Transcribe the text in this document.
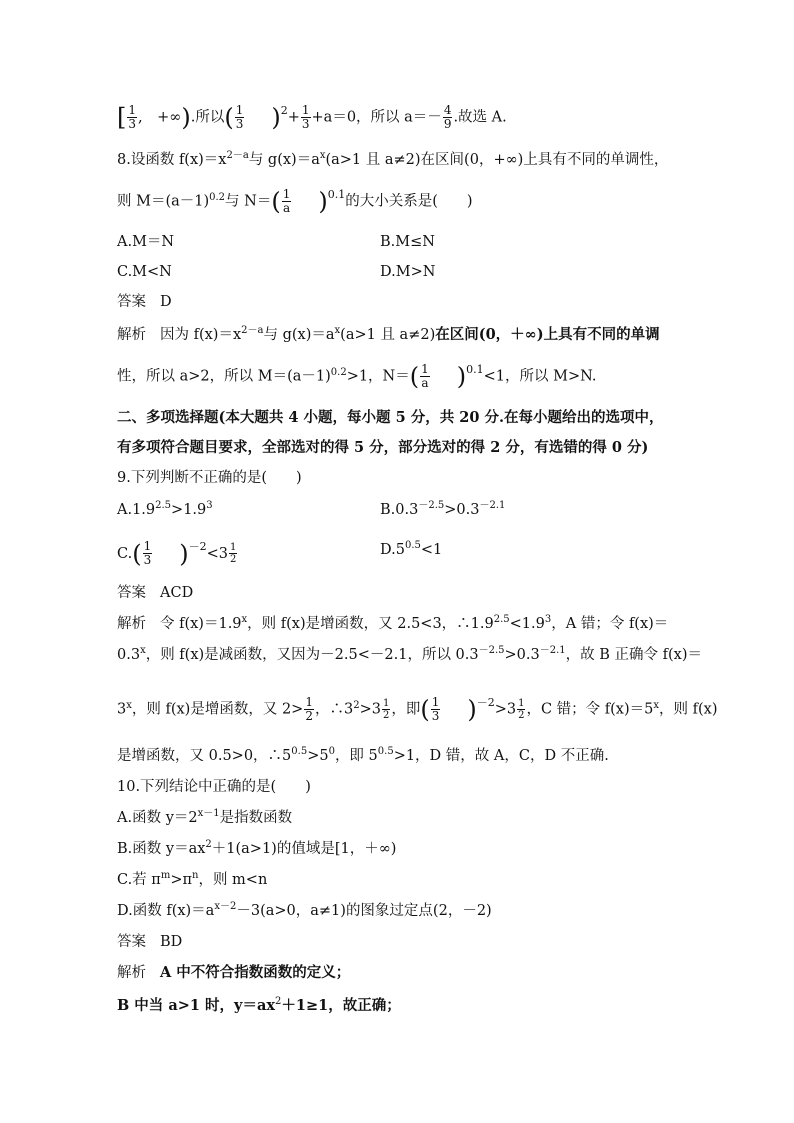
[ $\frac{1}{3}$ ,　+∞).所以( $\frac{1}{3} )^2+ \frac{1}{3} +a=0$，所以 $a=- \frac{4}{9}$ .故选 A.
8.设函数 $f(x)=x^{2-a}$与 $g(x)=a^x(a>1$ 且 a≠2)在区间(0，+∞)上具有不同的单调性，
则 $M=(a-1)^{0.2}$与 $N=( \frac{1}{a} )^{0.1}$的大小关系是(　　)
A.M＝N	B.M≤N
C.M<N	D.M>N
答案 D
解析 因为 $f(x)=x^{2-a}$与 $g(x)=a^x(a>1$ 且 a≠2)在区间(0，＋∞)上具有不同的单调
性，所以 a>2，所以 $M=(a-1)^{0.2}>1$，$N=( \frac{1}{a} )^{0.1}<1$，所以 M>N.
二、多项选择题(本大题共 4 小题，每小题 5 分，共 20 分.在每小题给出的选项中，
有多项符合题目要求，全部选对的得 5 分，部分选对的得 2 分，有选错的得 0 分)
9.下列判断不正确的是(　　)
$A.1.9^{2.5}>1.9^3$	$B.0.3^{-2.5}>0.3^{-2.1}$
$C.( \frac{1}{3} )^{-2}<3 \frac{1}{2}$	$D.5^{0.5}<1$
答案 ACD
解析 令 $f(x)=1.9^x$，则 f(x)是增函数，又 2.5<3，$\therefore 1.9^{2.5}<1.9^3$，A 错；令 f(x)＝
$0.3^x$，则 f(x)是减函数，又因为－2.5<－2.1，所以 $0.3^{-2.5}>0.3^{-2.1}$，故 B 正确令 f(x)＝
$3^x$，则 f(x)是增函数，又 $2> \frac{1}{2}$ ，$\therefore 3^2>3 \frac{1}{2}$ ，即( $\frac{1}{3} )^{-2}>3 \frac{1}{2}$ ，C 错；令 $f(x)=5^x$，则 f(x)
是增函数，又 0.5>0，$\therefore 5^{0.5}>5^0$，即 $5^{0.5}>1$，D 错，故 A，C，D 不正确.
10.下列结论中正确的是(　　)
A.函数 $y=2^{x-1}$是指数函数
B.函数 $y=ax^2+1(a>1)$的值域是[1，＋∞)
C.若 $\pi^m>\pi^n$，则 m<n
D.函数 $f(x)=a^{x-2}-3(a>0$，a≠1)的图象过定点(2，－2)
答案 BD
解析 A 中不符合指数函数的定义；
B 中当 a>1 时，$y=ax^2+1\ge 1$，故正确；
